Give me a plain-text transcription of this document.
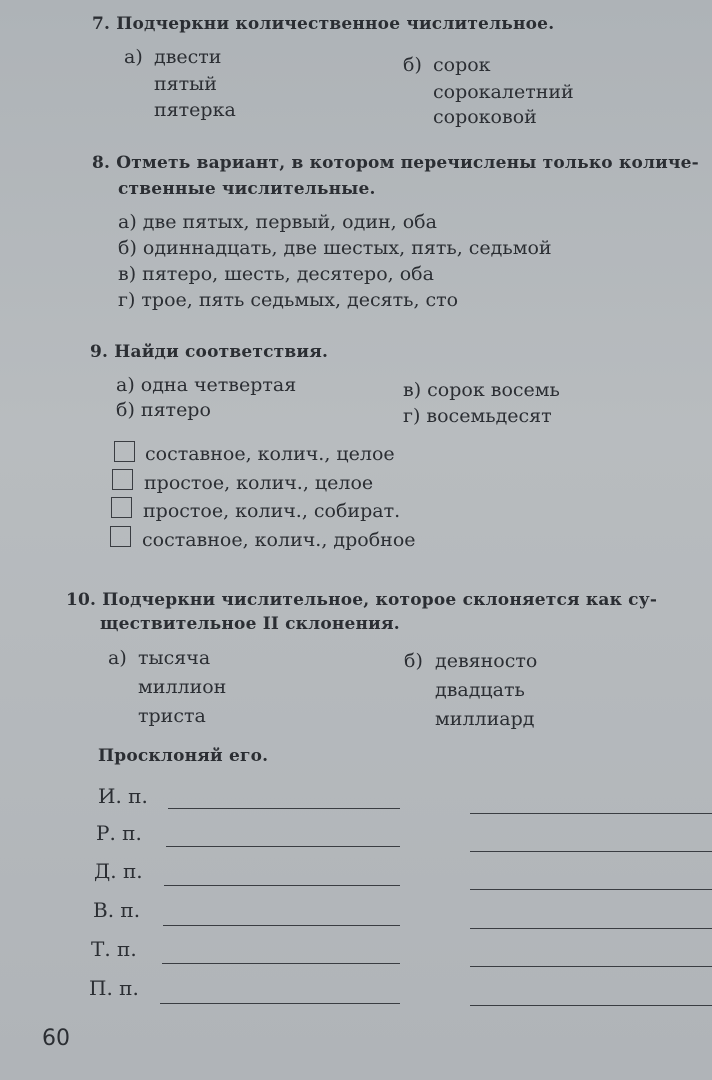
7. Подчеркни количественное числительное.
а) двести
пятый
пятерка
б) сорок
сорокалетний
сороковой
8. Отметь вариант, в котором перечислены только количе-
ственные числительные.
а) две пятых, первый, один, оба
б) одиннадцать, две шестых, пять, седьмой
в) пятеро, шесть, десятеро, оба
г) трое, пять седьмых, десять, сто
9. Найди соответствия.
а) одна четвертая
б) пятеро
в) сорок восемь
г) восемьдесят
составное, колич., целое
простое, колич., целое
простое, колич., собират.
составное, колич., дробное
10. Подчеркни числительное, которое склоняется как су-
ществительное II склонения.
а) тысяча
миллион
триста
б) девяносто
двадцать
миллиард
Просклоняй его.
И. п.
Р. п.
Д. п.
В. п.
Т. п.
П. п.
60
